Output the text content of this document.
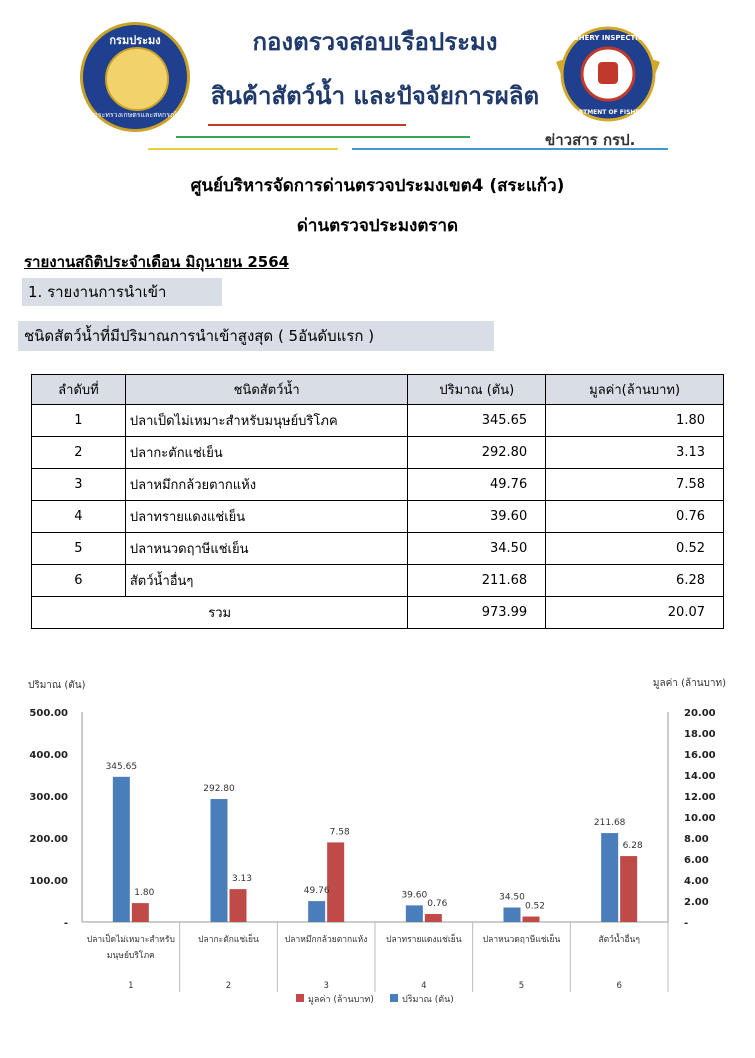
กรมประมง
กระทรวงเกษตรและสหกรณ์
กองตรวจสอบเรือประมง
สินค้าสัตว์น้ำ และปัจจัยการผลิต
FISHERY INSPECTION
DEPARTMENT OF FISHERIES
ข่าวสาร กรป.
ศูนย์บริหารจัดการด่านตรวจประมงเขต4 (สระแก้ว)
ด่านตรวจประมงตราด
รายงานสถิติประจำเดือน มิถุนายน 2564
1. รายงานการนำเข้า
ชนิดสัตว์น้ำที่มีปริมาณการนำเข้าสูงสุด ( 5อันดับแรก )
ลำดับที่	ชนิดสัตว์น้ำ	ปริมาณ (ตัน)	มูลค่า(ล้านบาท)
1	ปลาเป็ดไม่เหมาะสำหรับมนุษย์บริโภค	345.65	1.80
2	ปลากะตักแช่เย็น	292.80	3.13
3	ปลาหมึกกล้วยตากแห้ง	49.76	7.58
4	ปลาทรายแดงแช่เย็น	39.60	0.76
5	ปลาหนวดฤาษีแช่เย็น	34.50	0.52
6	สัตว์น้ำอื่นๆ	211.68	6.28
รวม		973.99	20.07
ปริมาณ (ตัน)	มูลค่า (ล้านบาท)
-
100.00
200.00
300.00
400.00
500.00
-
2.00
4.00
6.00
8.00
10.00
12.00
14.00
16.00
18.00
20.00
345.65
1.80
292.80
3.13
49.76
7.58
39.60
0.76
34.50
0.52
211.68
6.28
ปลาเป็ดไม่เหมาะสำหรับ
มนุษย์บริโภค
1
ปลากะตักแช่เย็น
2
ปลาหมึกกล้วยตากแห้ง
3
ปลาทรายแดงแช่เย็น
4
ปลาหนวดฤาษีแช่เย็น
5
สัตว์น้ำอื่นๆ
6
มูลค่า (ล้านบาท)	ปริมาณ (ตัน)
